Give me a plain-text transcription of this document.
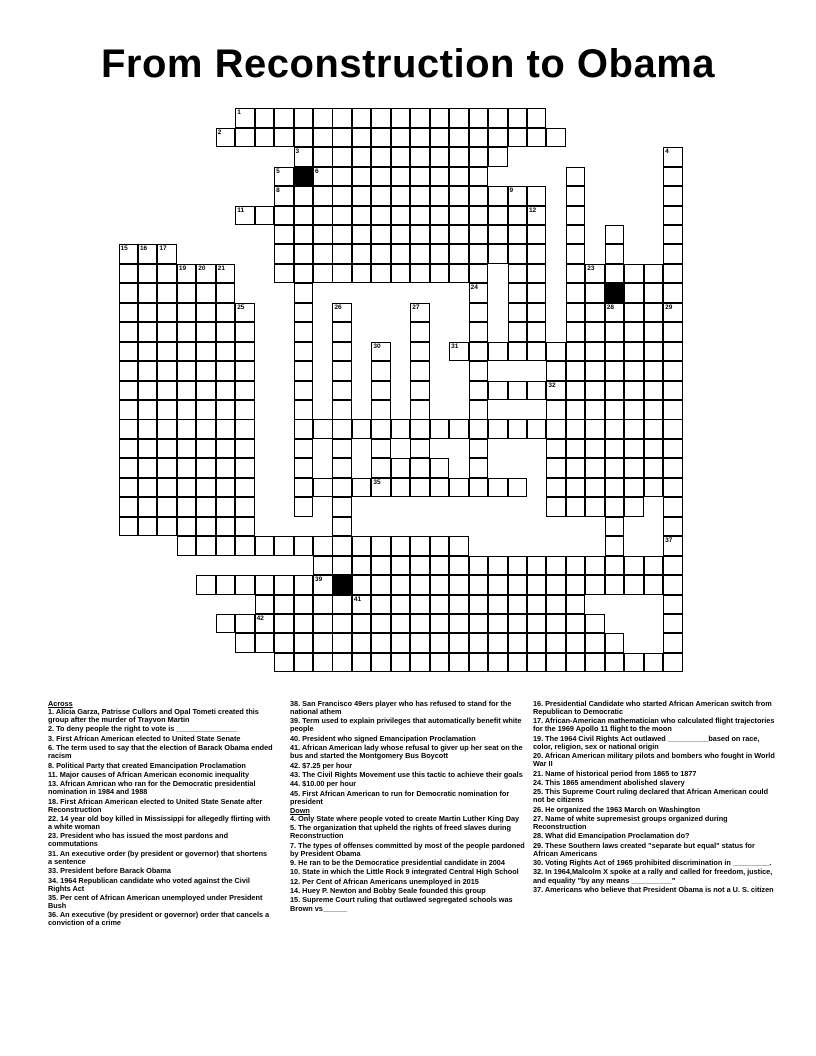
From Reconstruction to Obama
1
2
3	4
5	6
8	9
11	12
15 16 17
19 20 21	23
24
25	26	27	28	29
30	31
32
35
37
39
41
42
Across
1. Alicia Garza, Patrisse Cullors and Opal Tometi created this group after the murder of Trayvon Martin
2. To deny people the right to vote is _______________
3. First African American elected to United State Senate
6. The term used to say that the election of Barack Obama ended racism
8. Political Party that created Emancipation Proclamation
11. Major causes of African American economic inequality
13. African Amrican who ran for the Democratic presidential nomination in 1984 and 1988
18. First African American elected to United State Senate after Reconstruction
22. 14 year old boy killed in Mississippi for allegedly flirting with a white woman
23. President who has issued the most pardons and commutations
31. An executive order (by president or governor) that shortens a sentence
33. President before Barack Obama
34. 1964 Republican candidate who voted against the Civil Rights Act
35. Per cent of African American unemployed under President Bush
36. An executive (by president or governor) order that cancels a conviction of a crime
38. San Francisco 49ers player who has refused to stand for the national athem
39. Term used to explain privileges that automatically benefit white people
40. President who signed Emancipation Proclamation
41. African American lady whose refusal to giver up her seat on the bus and started the Montgomery Bus Boycott
42. $7.25 per hour
43. The Civil Rights Movement use this tactic to achieve their goals
44. $10.00 per hour
45. First African American to run for Democratic nomination for president
Down
4. Only State where people voted to create Martin Luther King Day
5. The organization that upheld the rights of freed slaves during Reconstruction
7. The types of offenses committed by most of the people pardoned by President Obama
9. He ran to be the Democratice presidential candidate in 2004
10. State in which the Little Rock 9 integrated Central High School
12. Per Cent of African Americans unemployed in 2015
14. Huey P. Newton and Bobby Seale founded this group
15. Supreme Court ruling that outlawed segregated schools was Brown vs______
16. Presidential Candidate who started African American switch from Republican to Democratic
17. African-American mathematician who calculated flight trajectories for the 1969 Apollo 11 flight to the moon
19. The 1964 Civil Rights Act outlawed __________based on race, color, religion, sex or national origin
20. African American military pilots and bombers who fought in World War II
21. Name of historical period from 1865 to 1877
24. This 1865 amendment abolished slavery
25. This Supreme Court ruling declared that African American could not be citizens
26. He organized the 1963 March on Washington
27. Name of white supremesist groups organized during Reconstruction
28. What did Emancipation Proclamation do?
29. These Southern laws created "separate but equal" status for African Americans
30. Voting Rights Act of 1965 prohibited discrimination in _________.
32. In 1964,Malcolm X spoke at a rally and called for freedom, justice, and equality "by any means __________"
37. Americans who believe that President Obama is not a U. S. citizen
